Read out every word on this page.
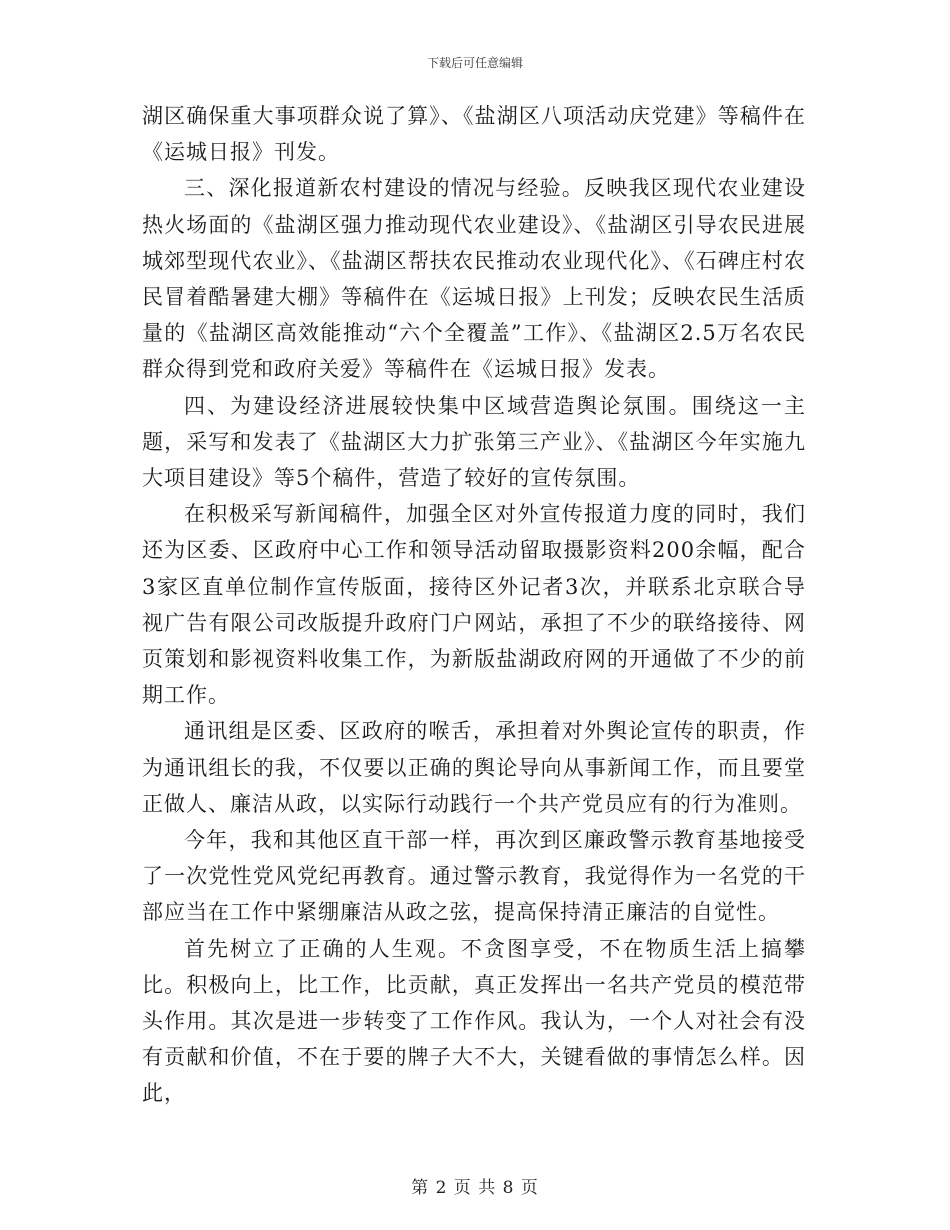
下载后可任意编辑

湖区确保重大事项群众说了算》、《盐湖区八项活动庆党建》等稿件在《运城日报》刊发。

三、深化报道新农村建设的情况与经验。反映我区现代农业建设热火场面的《盐湖区强力推动现代农业建设》、《盐湖区引导农民进展城郊型现代农业》、《盐湖区帮扶农民推动农业现代化》、《石碑庄村农民冒着酷暑建大棚》等稿件在《运城日报》上刊发；反映农民生活质量的《盐湖区高效能推动“六个全覆盖”工作》、《盐湖区2.5万名农民群众得到党和政府关爱》等稿件在《运城日报》发表。

四、为建设经济进展较快集中区域营造舆论氛围。围绕这一主题，采写和发表了《盐湖区大力扩张第三产业》、《盐湖区今年实施九大项目建设》等5个稿件，营造了较好的宣传氛围。

在积极采写新闻稿件，加强全区对外宣传报道力度的同时，我们还为区委、区政府中心工作和领导活动留取摄影资料200余幅，配合3家区直单位制作宣传版面，接待区外记者3次，并联系北京联合导视广告有限公司改版提升政府门户网站，承担了不少的联络接待、网页策划和影视资料收集工作，为新版盐湖政府网的开通做了不少的前期工作。

通讯组是区委、区政府的喉舌，承担着对外舆论宣传的职责，作为通讯组长的我，不仅要以正确的舆论导向从事新闻工作，而且要堂正做人、廉洁从政，以实际行动践行一个共产党员应有的行为准则。

今年，我和其他区直干部一样，再次到区廉政警示教育基地接受了一次党性党风党纪再教育。通过警示教育，我觉得作为一名党的干部应当在工作中紧绷廉洁从政之弦，提高保持清正廉洁的自觉性。

首先树立了正确的人生观。不贪图享受，不在物质生活上搞攀比。积极向上，比工作，比贡献，真正发挥出一名共产党员的模范带头作用。其次是进一步转变了工作作风。我认为，一个人对社会有没有贡献和价值，不在于要的牌子大不大，关键看做的事情怎么样。因此，

第 2 页 共 8 页
